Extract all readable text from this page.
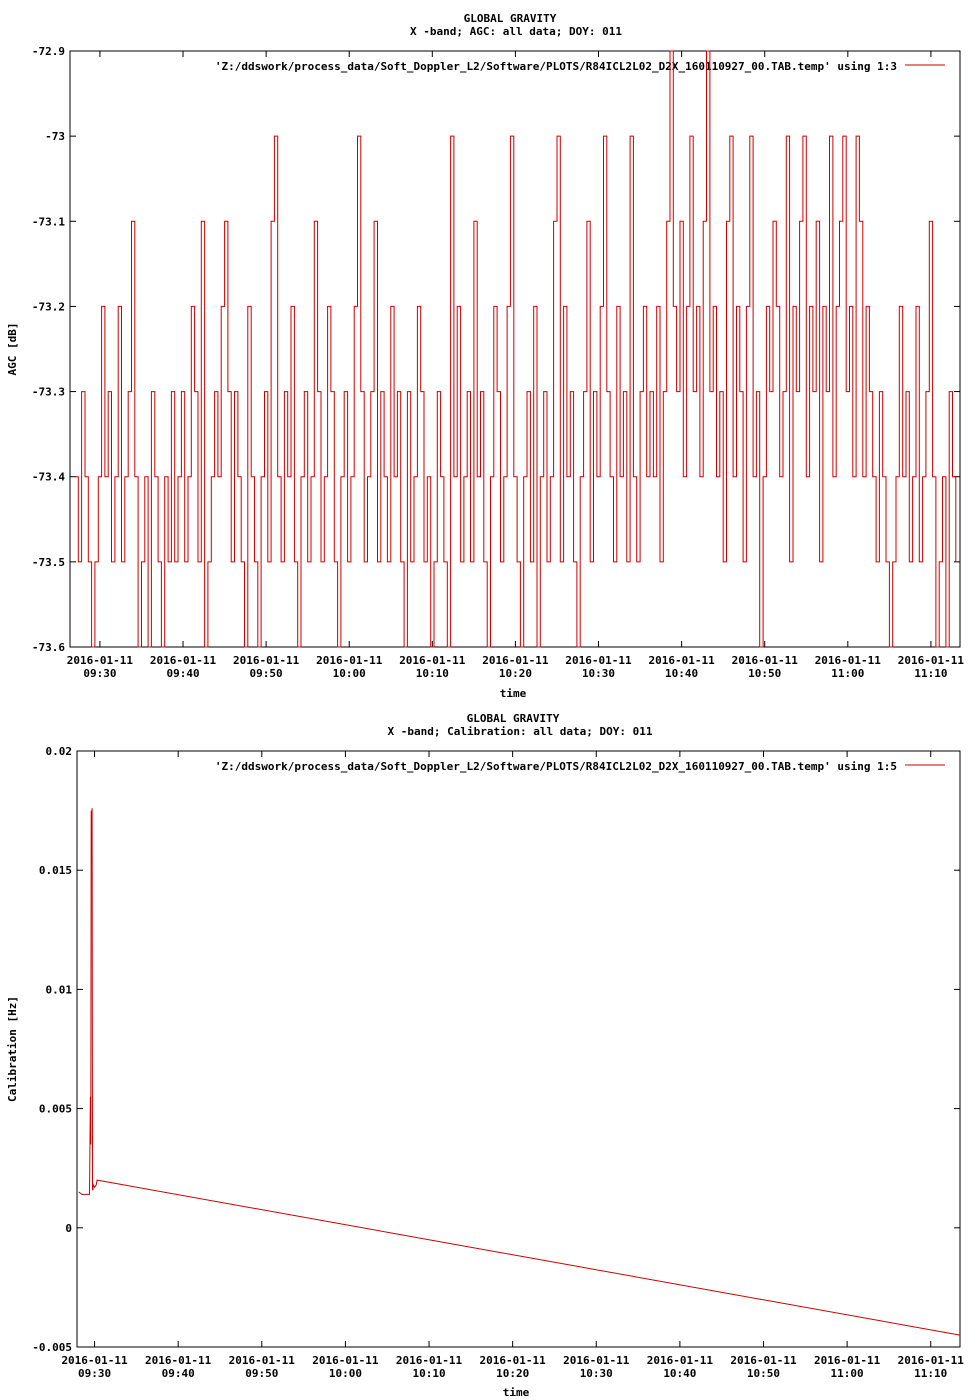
GLOBAL GRAVITY
X -band; AGC: all data; DOY: 011
'Z:/ddswork/process_data/Soft_Doppler_L2/Software/PLOTS/R84ICL2L02_D2X_160110927_00.TAB.temp' using 1:3
-72.9
-73
-73.1
-73.2
-73.3
-73.4
-73.5
-73.6
2016-01-11
09:30
2016-01-11
09:40
2016-01-11
09:50
2016-01-11
10:00
2016-01-11
10:10
2016-01-11
10:20
2016-01-11
10:30
2016-01-11
10:40
2016-01-11
10:50
2016-01-11
11:00
2016-01-11
11:10
time
AGC [dB]
GLOBAL GRAVITY
X -band; Calibration: all data; DOY: 011
'Z:/ddswork/process_data/Soft_Doppler_L2/Software/PLOTS/R84ICL2L02_D2X_160110927_00.TAB.temp' using 1:5
0.02
0.015
0.01
0.005
0
-0.005
2016-01-11
09:30
2016-01-11
09:40
2016-01-11
09:50
2016-01-11
10:00
2016-01-11
10:10
2016-01-11
10:20
2016-01-11
10:30
2016-01-11
10:40
2016-01-11
10:50
2016-01-11
11:00
2016-01-11
11:10
time
Calibration [Hz]
